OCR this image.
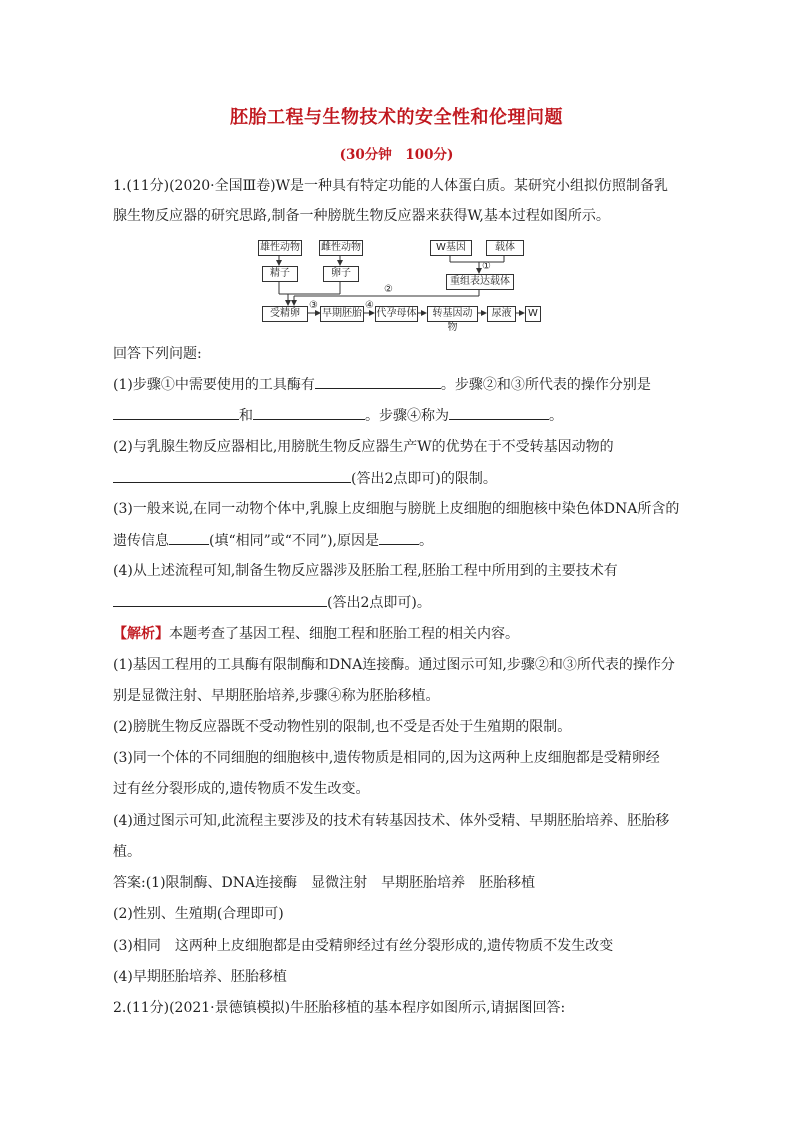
胚胎工程与生物技术的安全性和伦理问题
(30分钟　100分)
1.(11分)(2020·全国Ⅲ卷)W是一种具有特定功能的人体蛋白质。某研究小组拟仿照制备乳
腺生物反应器的研究思路,制备一种膀胱生物反应器来获得W,基本过程如图所示。
雄性动物 雌性动物	W基因	载体
精子	卵子
①
重组表达载体
②
受精卵
③
早期胚胎
④
代孕母体	转基因动物
尿液	W
回答下列问题:
(1)步骤①中需要使用的工具酶有	。步骤②和③所代表的操作分别是
和	。步骤④称为	。
(2)与乳腺生物反应器相比,用膀胱生物反应器生产W的优势在于不受转基因动物的
(答出2点即可)的限制。
(3)一般来说,在同一动物个体中,乳腺上皮细胞与膀胱上皮细胞的细胞核中染色体DNA所含的
遗传信息	(填“相同”或“不同”),原因是	。
(4)从上述流程可知,制备生物反应器涉及胚胎工程,胚胎工程中所用到的主要技术有
(答出2点即可)。
【解析】本题考查了基因工程、细胞工程和胚胎工程的相关内容。
(1)基因工程用的工具酶有限制酶和DNA连接酶。通过图示可知,步骤②和③所代表的操作分
别是显微注射、早期胚胎培养,步骤④称为胚胎移植。
(2)膀胱生物反应器既不受动物性别的限制,也不受是否处于生殖期的限制。
(3)同一个体的不同细胞的细胞核中,遗传物质是相同的,因为这两种上皮细胞都是受精卵经
过有丝分裂形成的,遗传物质不发生改变。
(4)通过图示可知,此流程主要涉及的技术有转基因技术、体外受精、早期胚胎培养、胚胎移
植。
答案:(1)限制酶、DNA连接酶　显微注射　早期胚胎培养　胚胎移植
(2)性别、生殖期(合理即可)
(3)相同　这两种上皮细胞都是由受精卵经过有丝分裂形成的,遗传物质不发生改变
(4)早期胚胎培养、胚胎移植
2.(11分)(2021·景德镇模拟)牛胚胎移植的基本程序如图所示,请据图回答:
